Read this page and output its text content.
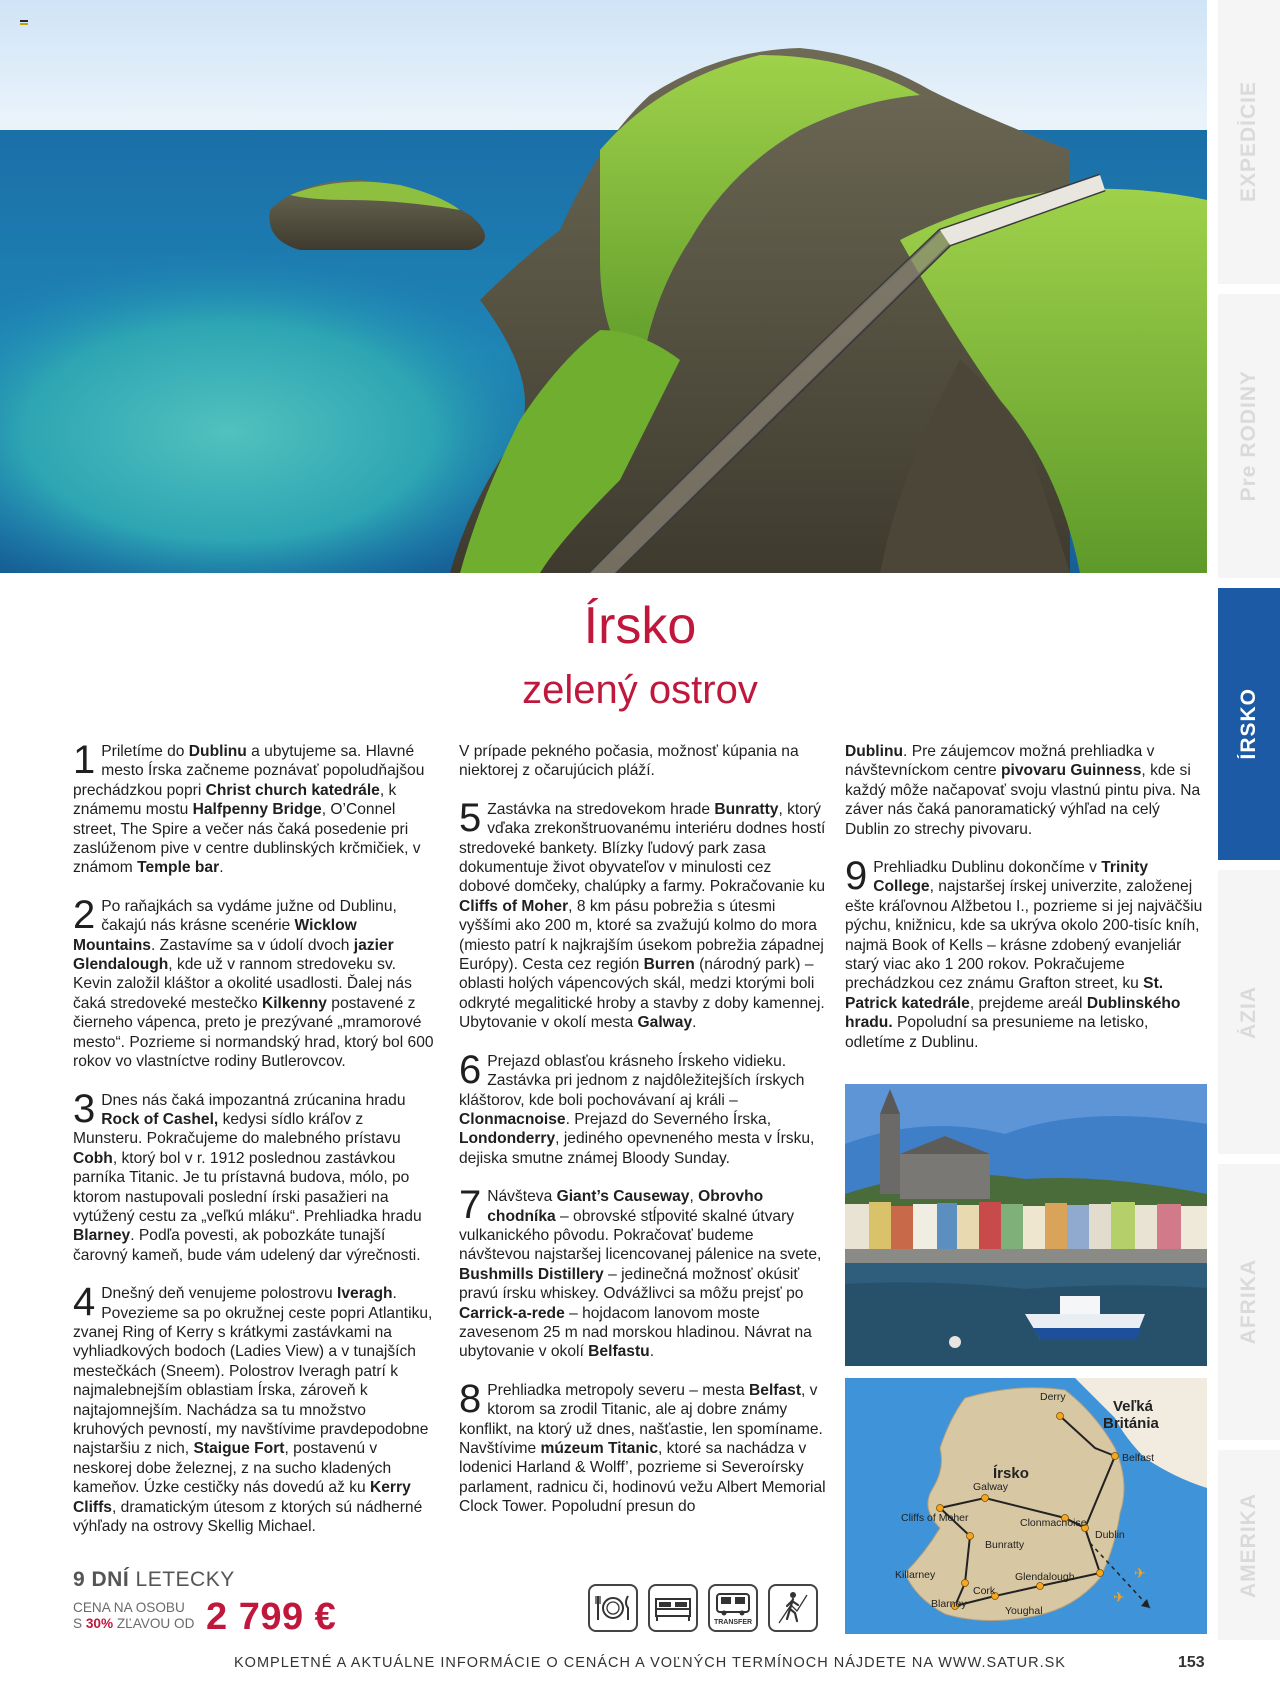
EXPEDÍCIE
Pre RODINY
ÍRSKO
ÁZIA
AFRIKA
AMERIKA
Írsko
zelený ostrov
1 Priletíme do Dublinu a ubytujeme sa. Hlavné mesto Írska začneme poznávať popoludňajšou prechádzkou popri Christ church katedrále, k známemu mostu Halfpenny Bridge, O’Connel street, The Spire a večer nás čaká posedenie pri zaslúženom pive v centre dublinských krčmičiek, v známom Temple bar.

2 Po raňajkách sa vydáme južne od Dublinu, čakajú nás krásne scenérie Wicklow Mountains. Zastavíme sa v údolí dvoch jazier Glendalough, kde už v rannom stredoveku sv. Kevin založil kláštor a okolité usadlosti. Ďalej nás čaká stredoveké mestečko Kilkenny postavené z čierneho vápenca, preto je prezývané „mramorové mesto“. Pozrieme si normandský hrad, ktorý bol 600 rokov vo vlastníctve rodiny Butlerovcov.

3 Dnes nás čaká impozantná zrúcanina hradu Rock of Cashel, kedysi sídlo kráľov z Munsteru. Pokračujeme do malebného prístavu Cobh, ktorý bol v r. 1912 poslednou zastávkou parníka Titanic. Je tu prístavná budova, mólo, po ktorom nastupovali poslední írski pasažieri na vytúžený cestu za „veľkú mláku“. Prehliadka hradu Blarney. Podľa povesti, ak pobozkáte tunajší čarovný kameň, bude vám udelený dar výrečnosti.

4 Dnešný deň venujeme polostrovu Iveragh. Povezieme sa po okružnej ceste popri Atlantiku, zvanej Ring of Kerry s krátkymi zastávkami na vyhliadkových bodoch (Ladies View) a v tunajších mestečkách (Sneem). Polostrov Iveragh patrí k najmalebnejším oblastiam Írska, zároveň k najtajomnejším. Nachádza sa tu množstvo kruhových pevností, my navštívime pravdepodobne najstaršiu z nich, Staigue Fort, postavenú v neskorej dobe železnej, z na sucho kladených kameňov. Úzke cestičky nás dovedú až ku Kerry Cliffs, dramatickým útesom z ktorých sú nádherné výhľady na ostrovy Skellig Michael.

V prípade pekného počasia, možnosť kúpania na niektorej z očarujúcich pláží.

5 Zastávka na stredovekom hrade Bunratty, ktorý vďaka zrekonštruovanému interiéru dodnes hostí stredoveké bankety. Blízky ľudový park zasa dokumentuje život obyvateľov v minulosti cez dobové domčeky, chalúpky a farmy. Pokračovanie ku Cliffs of Moher, 8 km pásu pobrežia s útesmi vyššími ako 200 m, ktoré sa zvažujú kolmo do mora (miesto patrí k najkrajším úsekom pobrežia západnej Európy). Cesta cez región Burren (národný park) – oblasti holých vápencových skál, medzi ktorými boli odkryté megalitické hroby a stavby z doby kamennej. Ubytovanie v okolí mesta Galway.

6 Prejazd oblasťou krásneho Írskeho vidieku. Zastávka pri jednom z najdôležitejších írskych kláštorov, kde boli pochovávaní aj králi – Clonmacnoise. Prejazd do Severného Írska, Londonderry, jediného opevneného mesta v Írsku, dejiska smutne známej Bloody Sunday.

7 Návšteva Giant’s Causeway, Obrovho chodníka – obrovské stĺpovité skalné útvary vulkanického pôvodu. Pokračovať budeme návštevou najstaršej licencovanej pálenice na svete, Bushmills Distillery – jedinečná možnosť okúsiť pravú írsku whiskey. Odvážlivci sa môžu prejsť po Carrick-a-rede – hojdacom lanovom moste zavesenom 25 m nad morskou hladinou. Návrat na ubytovanie v okolí Belfastu.

8 Prehliadka metropoly severu – mesta Belfast, v ktorom sa zrodil Titanic, ale aj dobre známy konflikt, na ktorý už dnes, našťastie, len spomíname. Navštívime múzeum Titanic, ktoré sa nachádza v lodenici Harland & Wolff’, pozrieme si Severoírsky parlament, radnicu či, hodinovú vežu Albert Memorial Clock Tower. Popoludní presun do

Dublinu. Pre záujemcov možná prehliadka v návštevníckom centre pivovaru Guinness, kde si každý môže načapovať svoju vlastnú pintu piva. Na záver nás čaká panoramatický výhľad na celý Dublin zo strechy pivovaru.

9 Prehliadku Dublinu dokončíme v Trinity College, najstaršej írskej univerzite, založenej ešte kráľovnou Alžbetou I., pozrieme si jej najväčšiu pýchu, knižnicu, kde sa ukrýva okolo 200-tisíc kníh, najmä Book of Kells – krásne zdobený evanjeliár starý viac ako 1 200 rokov. Pokračujeme prechádzkou cez známu Grafton street, ku St. Patrick katedrále, prejdeme areál Dublinského hradu. Popoludní sa presunieme na letisko, odletíme z Dublinu.

✈
✈
Derry
Belfast
Galway
Cliffs of Moher	Clonmacnoise
Dublin
Bunratty
Killarney
Cork
Glendalough
Blarney
Youghal
Írsko
Veľká
Británia
9 DNÍ LETECKY
CENA NA OSOBU
S 30% ZĽAVOU OD 2 799 €	TRANSFER
KOMPLETNÉ A AKTUÁLNE INFORMÁCIE O CENÁCH A VOĽNÝCH TERMÍNOCH NÁJDETE NA WWW.SATUR.SK	153
